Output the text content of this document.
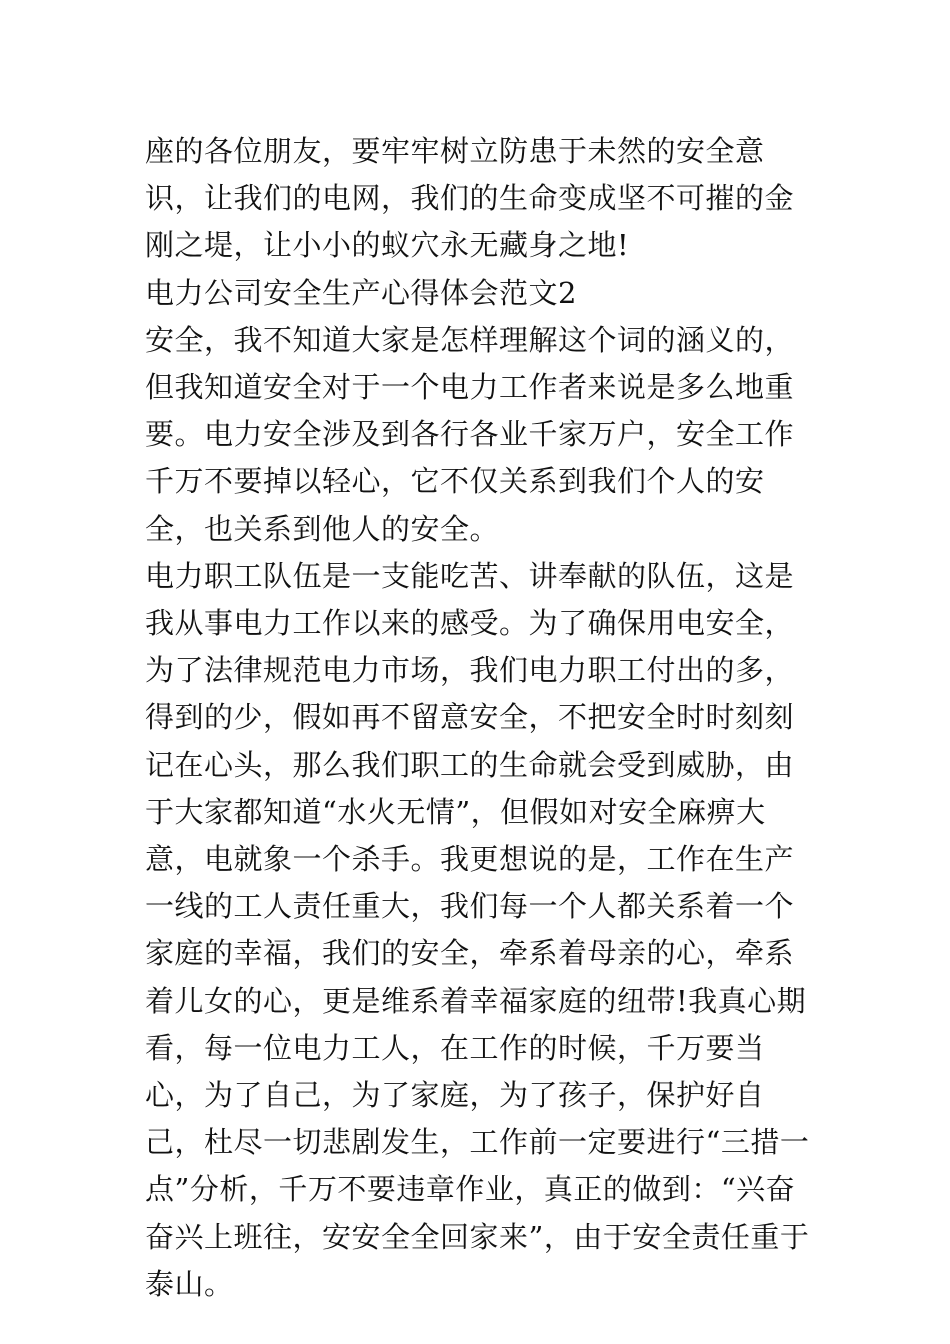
座的各位朋友，要牢牢树立防患于未然的安全意识，让我们的电网，我们的生命变成坚不可摧的金刚之堤，让小小的蚁穴永无藏身之地!

电力公司安全生产心得体会范文2

安全，我不知道大家是怎样理解这个词的涵义的，但我知道安全对于一个电力工作者来说是多么地重要。电力安全涉及到各行各业千家万户，安全工作千万不要掉以轻心，它不仅关系到我们个人的安全，也关系到他人的安全。

电力职工队伍是一支能吃苦、讲奉献的队伍，这是我从事电力工作以来的感受。为了确保用电安全，为了法律规范电力市场，我们电力职工付出的多，得到的少，假如再不留意安全，不把安全时时刻刻记在心头，那么我们职工的生命就会受到威胁，由于大家都知道“水火无情”，但假如对安全麻痹大意，电就象一个杀手。我更想说的是，工作在生产一线的工人责任重大，我们每一个人都关系着一个家庭的幸福，我们的安全，牵系着母亲的心，牵系着儿女的心，更是维系着幸福家庭的纽带!我真心期看，每一位电力工人，在工作的时候，千万要当心，为了自己，为了家庭，为了孩子，保护好自己，杜尽一切悲剧发生，工作前一定要进行“三措一点”分析，千万不要违章作业，真正的做到：“兴奋奋兴上班往，安安全全回家来”，由于安全责任重于泰山。
